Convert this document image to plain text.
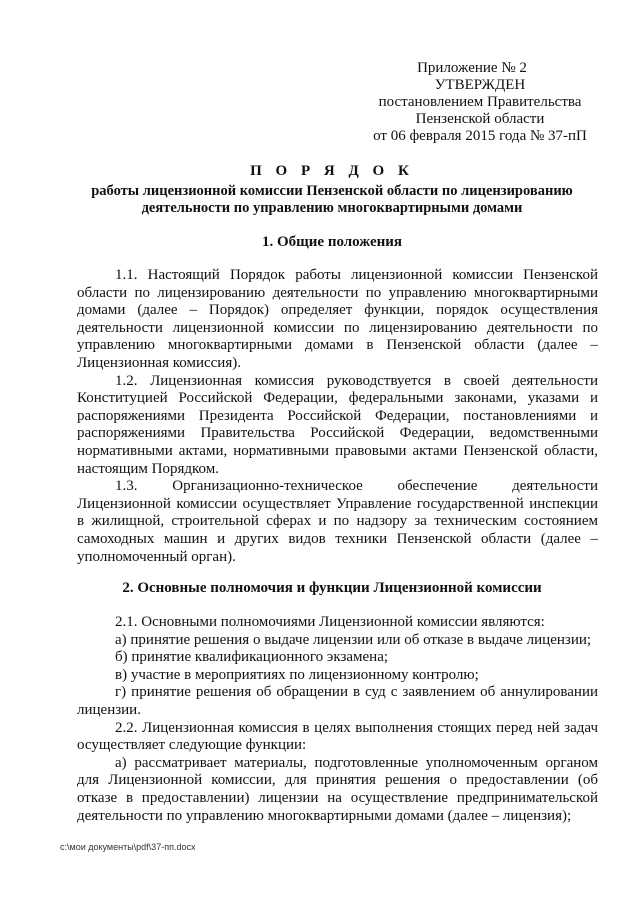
Приложение № 2
УТВЕРЖДЕН
постановлением Правительства
Пензенской области
от 06 февраля 2015 года № 37-пП
П О Р Я Д О К
работы лицензионной комиссии Пензенской области по лицензированию деятельности по управлению многоквартирными домами
1. Общие положения

1.1. Настоящий Порядок работы лицензионной комиссии Пензенской области по лицензированию деятельности по управлению многоквартирными домами (далее – Порядок) определяет функции, порядок осуществления деятельности лицензионной комиссии по лицензированию деятельности по управлению многоквартирными домами в Пензенской области (далее – Лицензионная комиссия).

1.2. Лицензионная комиссия руководствуется в своей деятельности Конституцией Российской Федерации, федеральными законами, указами и распоряжениями Президента Российской Федерации, постановлениями и распоряжениями Правительства Российской Федерации, ведомственными нормативными актами, нормативными правовыми актами Пензенской области, настоящим Порядком.

1.3. Организационно-техническое обеспечение деятельности Лицензионной комиссии осуществляет Управление государственной инспекции в жилищной, строительной сферах и по надзору за техническим состоянием самоходных машин и других видов техники Пензенской области (далее – уполномоченный орган).

2. Основные полномочия и функции Лицензионной комиссии

2.1. Основными полномочиями Лицензионной комиссии являются:

а) принятие решения о выдаче лицензии или об отказе в выдаче лицензии;

б) принятие квалификационного экзамена;

в) участие в мероприятиях по лицензионному контролю;

г) принятие решения об обращении в суд с заявлением об аннулировании лицензии.

2.2. Лицензионная комиссия в целях выполнения стоящих перед ней задач осуществляет следующие функции:

а) рассматривает материалы, подготовленные уполномоченным органом для Лицензионной комиссии, для принятия решения о предоставлении (об отказе в предоставлении) лицензии на осуществление предпринимательской деятельности по управлению многоквартирными домами (далее – лицензия);

c:\мои документы\pdf\37-пп.docx
